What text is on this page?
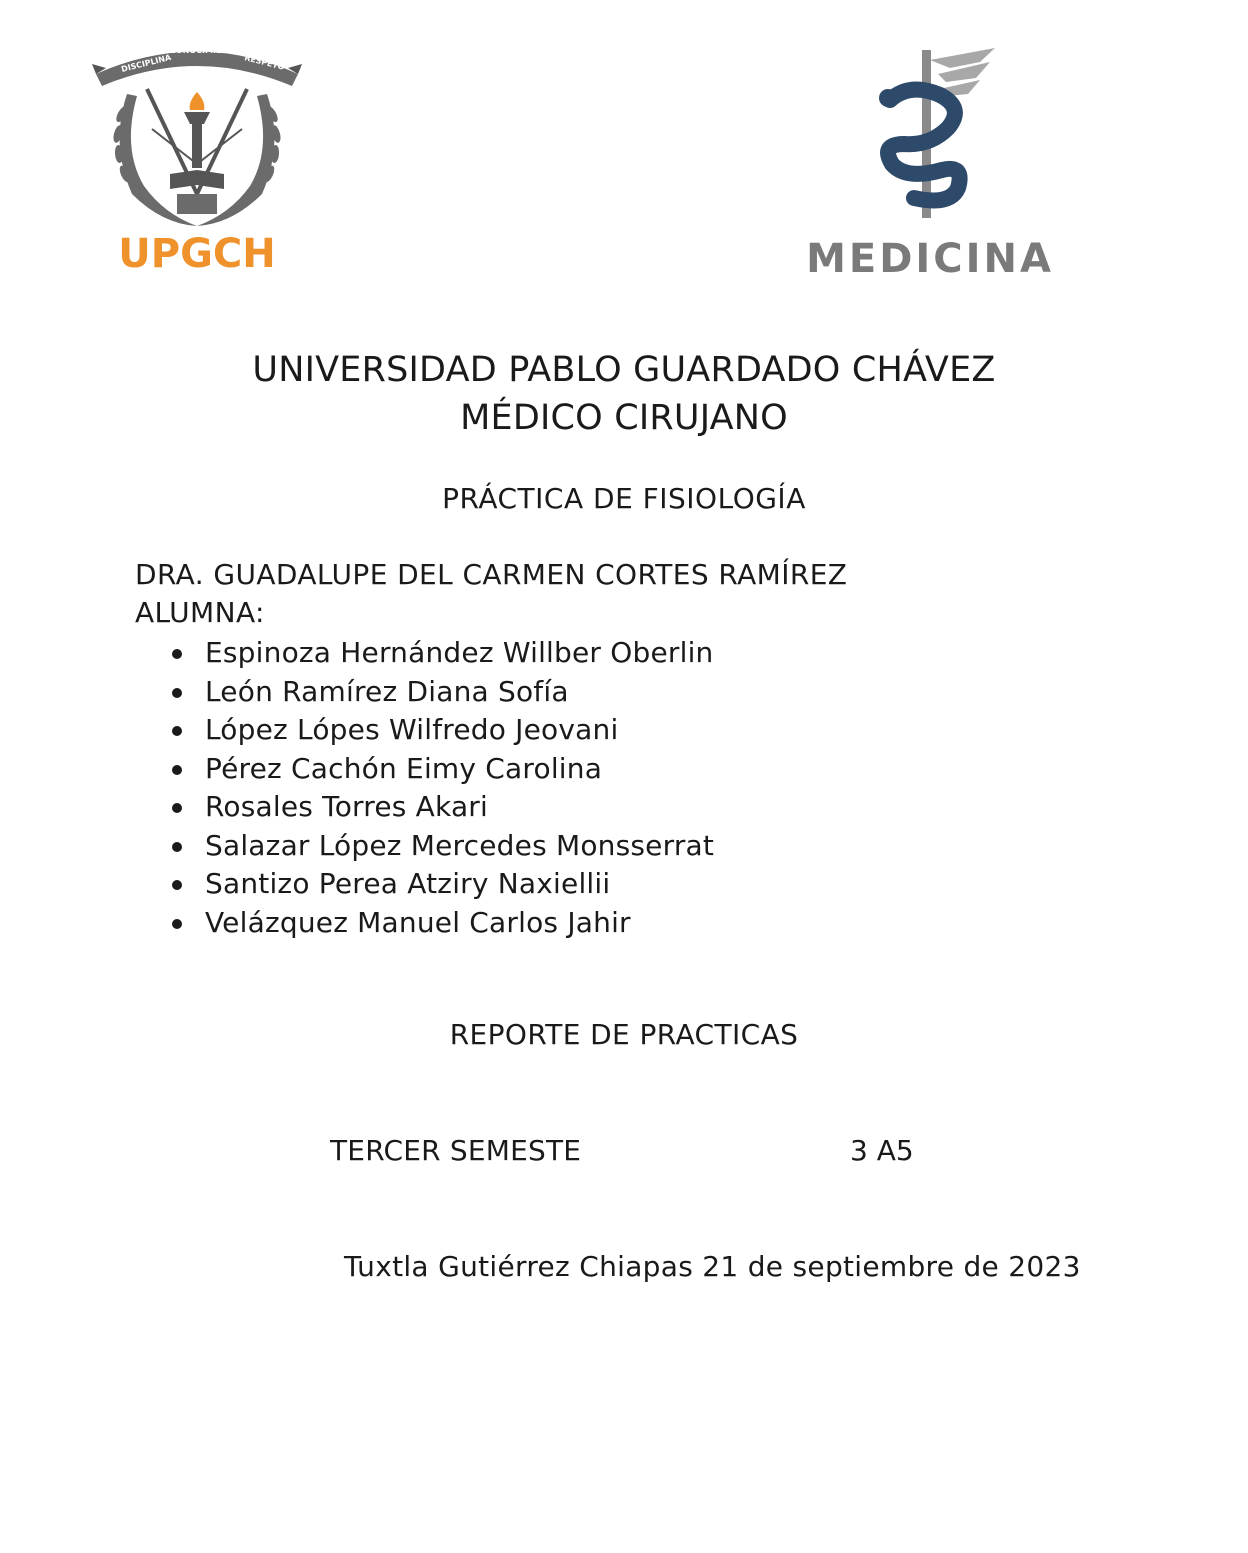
DISCIPLINA
CONOCIMIENTO
RESPETO
UPGCH	MEDICINA
UNIVERSIDAD PABLO GUARDADO CHÁVEZ
MÉDICO CIRUJANO
PRÁCTICA DE FISIOLOGÍA
DRA. GUADALUPE DEL CARMEN CORTES RAMÍREZ
ALUMNA:
Espinoza Hernández Willber Oberlin
León Ramírez Diana Sofía
López Lópes Wilfredo Jeovani
Pérez Cachón Eimy Carolina
Rosales Torres Akari
Salazar López Mercedes Monsserrat
Santizo Perea Atziry Naxiellii
Velázquez Manuel Carlos Jahir
REPORTE DE PRACTICAS
TERCER SEMESTE	3 A5
Tuxtla Gutiérrez Chiapas 21 de septiembre de 2023
